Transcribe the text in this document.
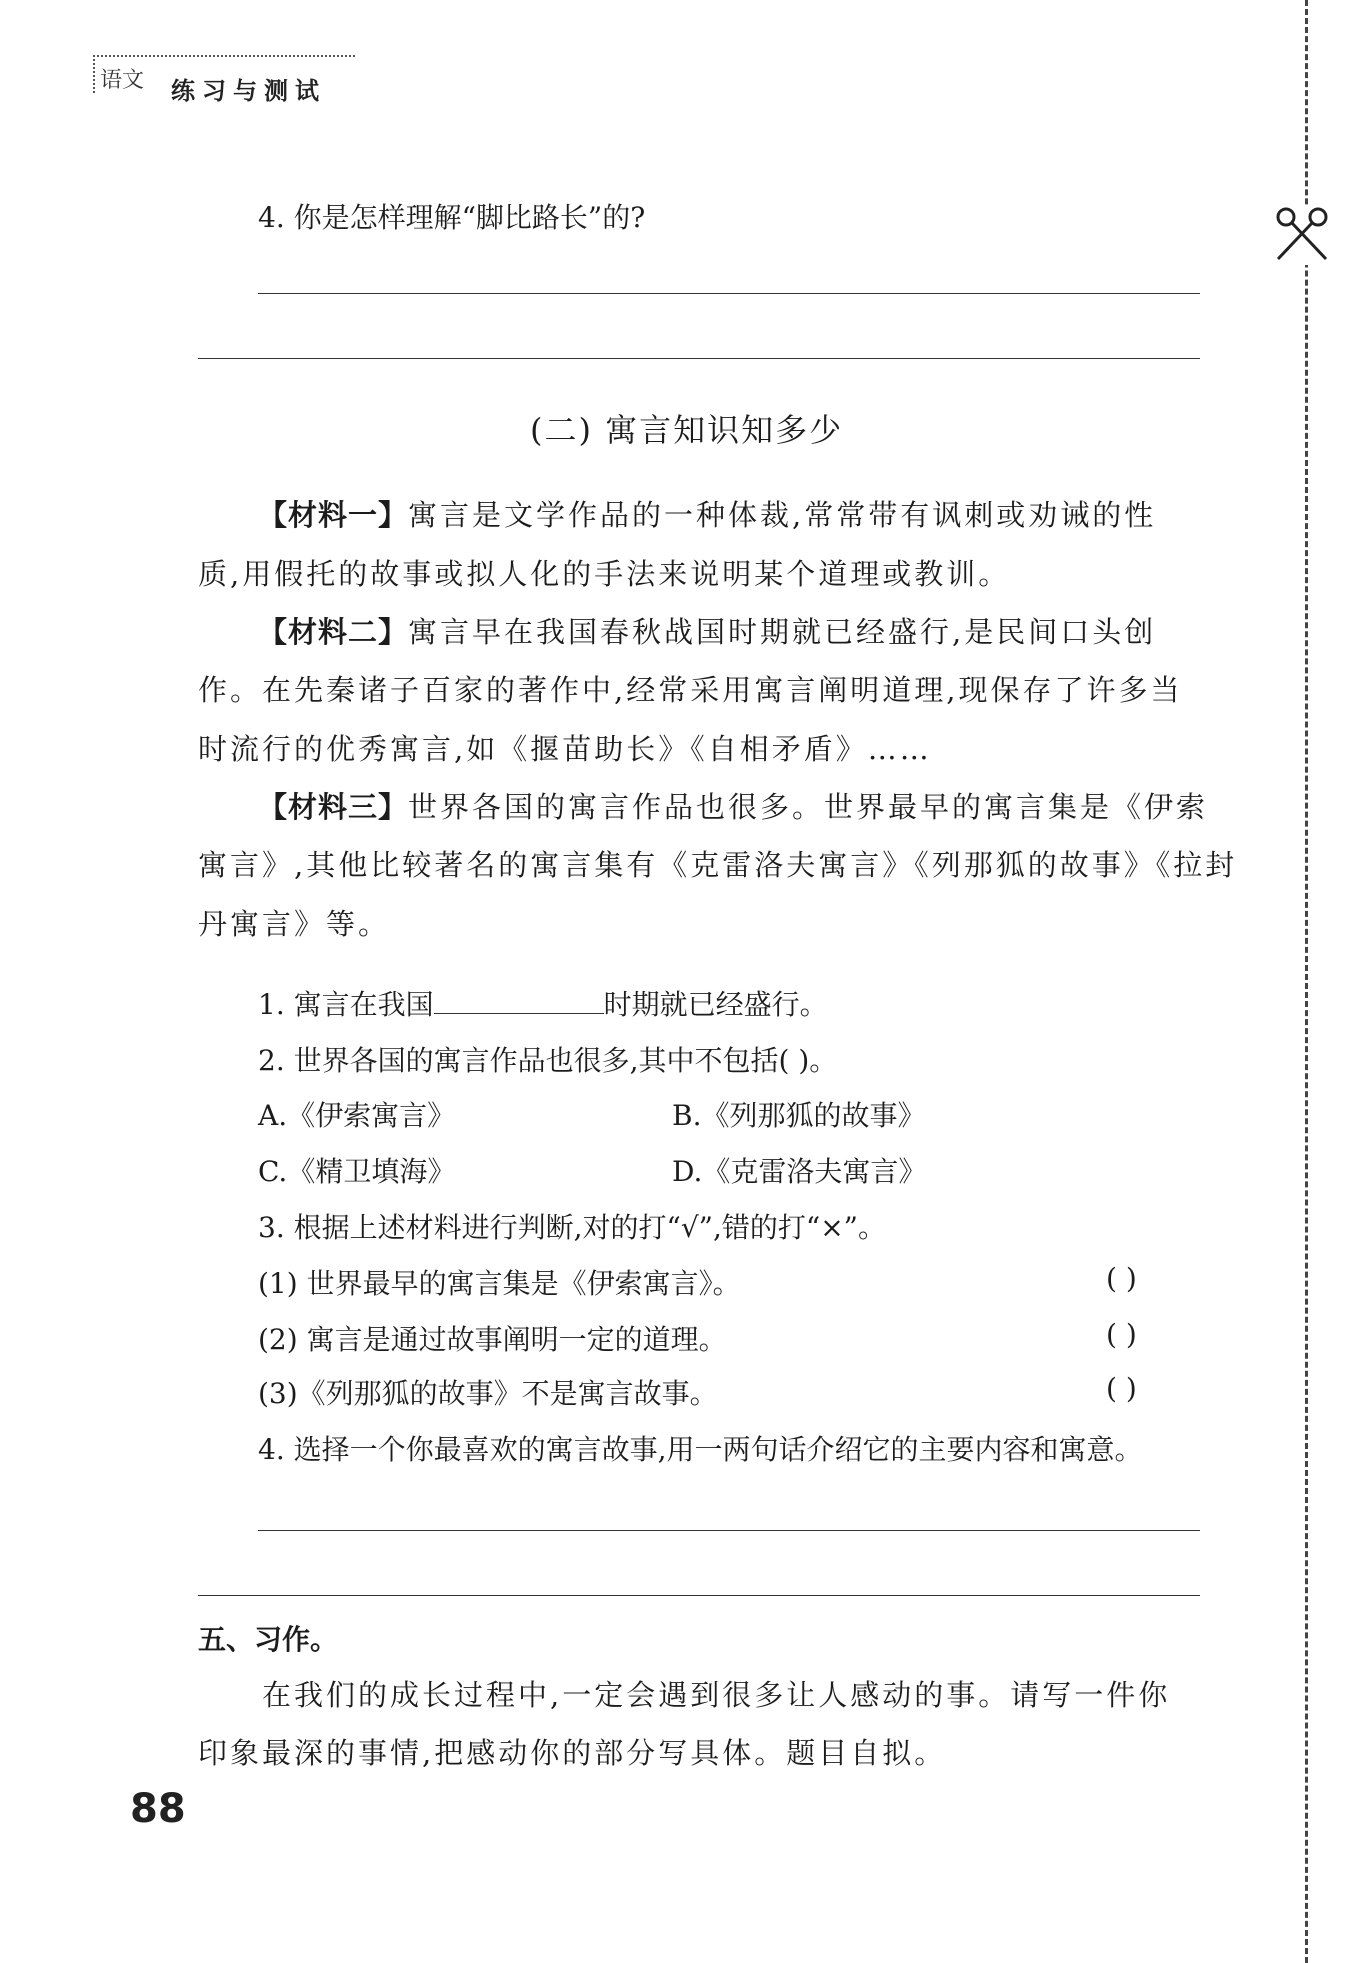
语文 练习与测试
4. 你是怎样理解“脚比路长”的?
(二) 寓言知识知多少
【材料一】寓言是文学作品的一种体裁,常常带有讽刺或劝诫的性
质,用假托的故事或拟人化的手法来说明某个道理或教训。
【材料二】寓言早在我国春秋战国时期就已经盛行,是民间口头创
作。在先秦诸子百家的著作中,经常采用寓言阐明道理,现保存了许多当
时流行的优秀寓言,如《揠苗助长》《自相矛盾》……
【材料三】世界各国的寓言作品也很多。世界最早的寓言集是《伊索
寓言》,其他比较著名的寓言集有《克雷洛夫寓言》《列那狐的故事》《拉封
丹寓言》等。
1. 寓言在我国	时期就已经盛行。
2. 世界各国的寓言作品也很多,其中不包括( )。
A.《伊索寓言》	B.《列那狐的故事》
C.《精卫填海》	D.《克雷洛夫寓言》
3. 根据上述材料进行判断,对的打“√”,错的打“×”。
(1) 世界最早的寓言集是《伊索寓言》。	( )
(2) 寓言是通过故事阐明一定的道理。	( )
(3)《列那狐的故事》不是寓言故事。	( )
4. 选择一个你最喜欢的寓言故事,用一两句话介绍它的主要内容和寓意。
五、习作。
在我们的成长过程中,一定会遇到很多让人感动的事。请写一件你
印象最深的事情,把感动你的部分写具体。题目自拟。
88
